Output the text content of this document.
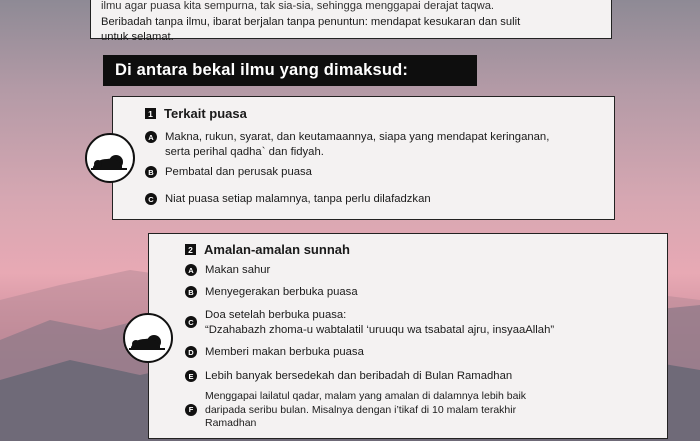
ilmu agar puasa kita sempurna, tak sia-sia, sehingga menggapai derajat taqwa.
Beribadah tanpa ilmu, ibarat berjalan tanpa penuntun: mendapat kesukaran dan sulit
untuk selamat.
Di antara bekal ilmu yang dimaksud:
1 Terkait puasa
A Makna, rukun, syarat, dan keutamaannya, siapa yang mendapat keringanan,
serta perihal qadha` dan fidyah.
B Pembatal dan perusak puasa
C Niat puasa setiap malamnya, tanpa perlu dilafadzkan
2 Amalan-amalan sunnah
A Makan sahur
B Menyegerakan berbuka puasa
C
Doa setelah berbuka puasa:
“Dzahabazh zhoma-u wabtalatil ‘uruuqu wa tsabatal ajru, insyaaAllah”
D Memberi makan berbuka puasa
E	Lebih banyak bersedekah dan beribadah di Bulan Ramadhan
F
Menggapai lailatul qadar, malam yang amalan di dalamnya lebih baik
daripada seribu bulan. Misalnya dengan i’tikaf di 10 malam terakhir
Ramadhan
